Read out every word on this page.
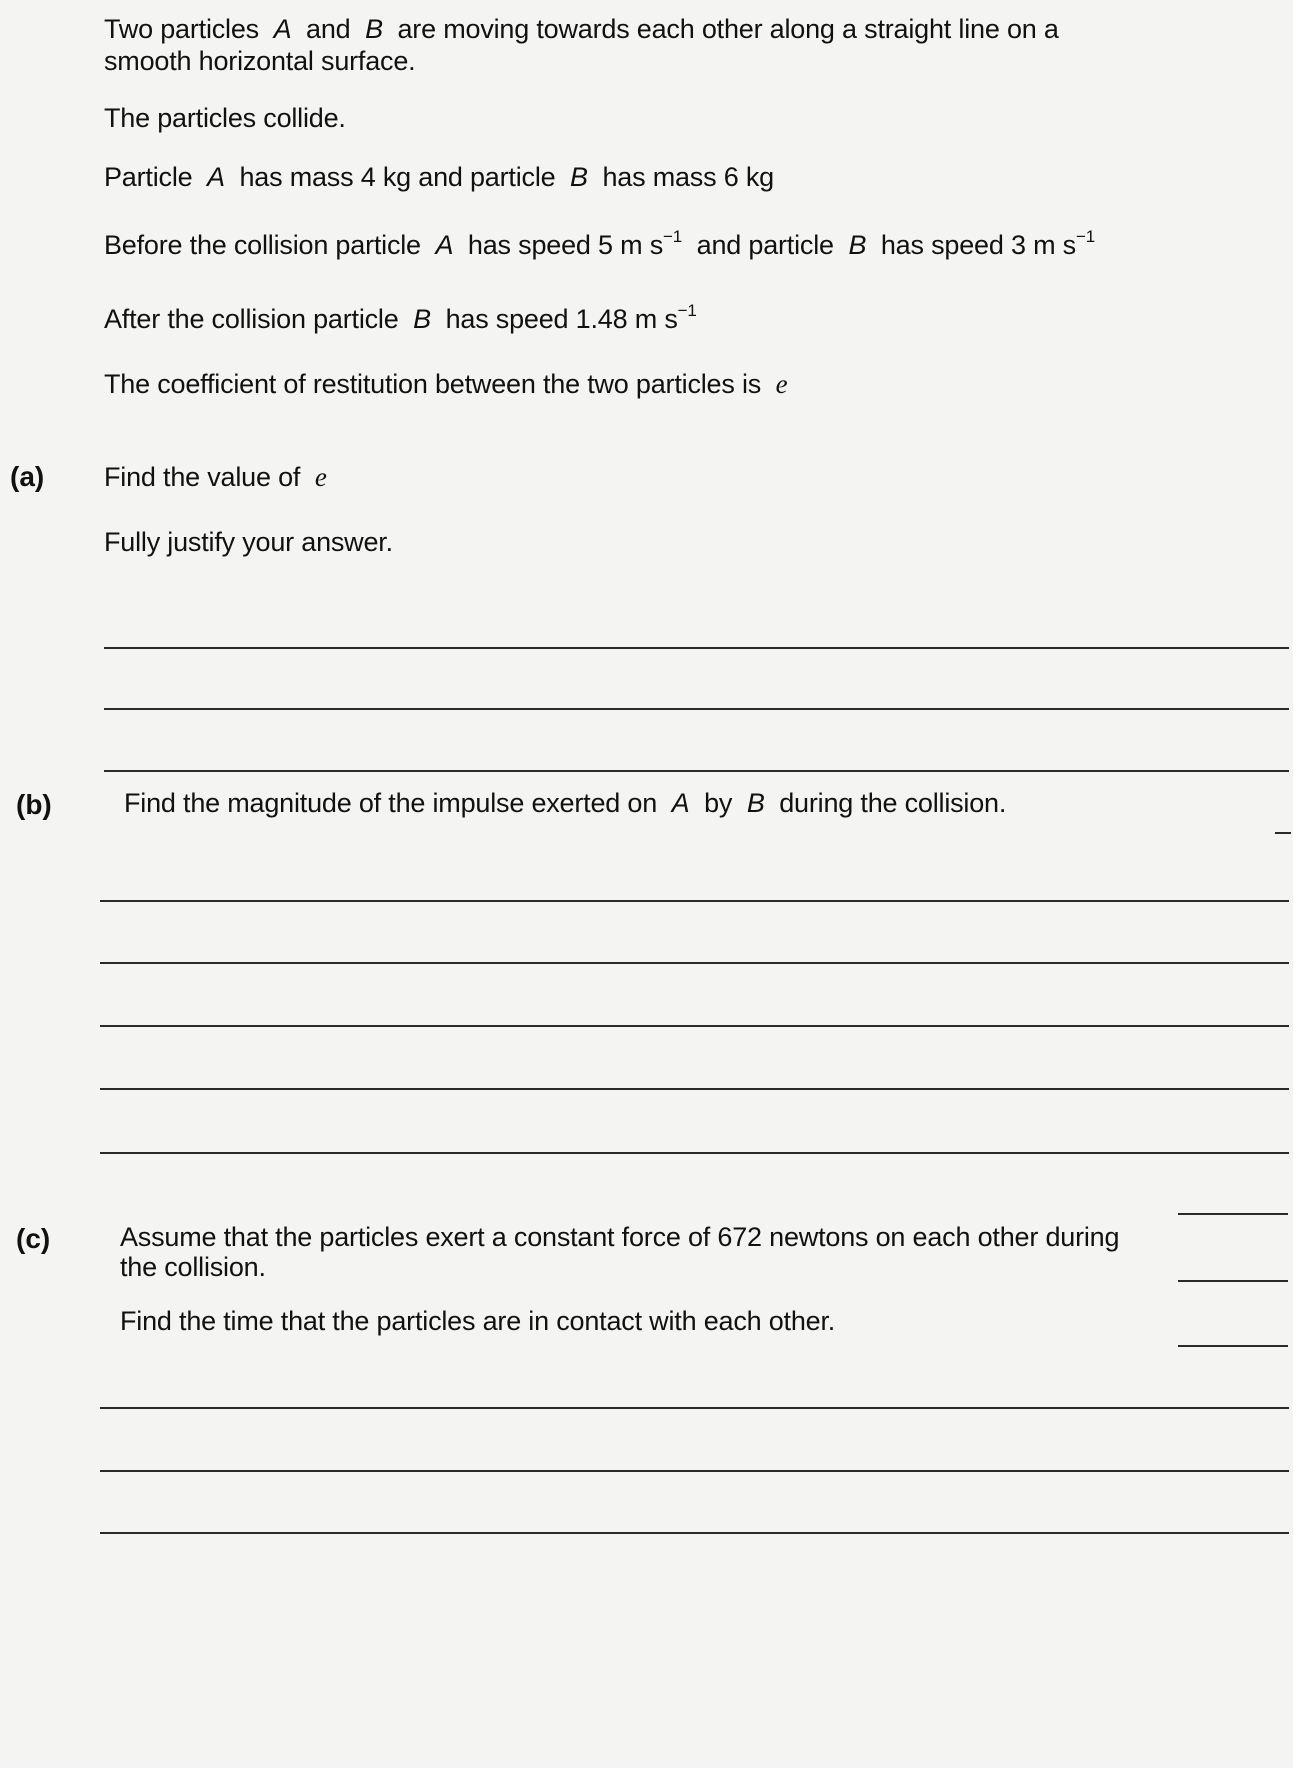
Two particles A and B are moving towards each other along a straight line on a
smooth horizontal surface.
The particles collide.
Particle A has mass 4 kg and particle B has mass 6 kg
Before the collision particle A has speed 5 m $s^{-1}$ and particle B has speed 3 m $s^{-1}$
After the collision particle B has speed 1.48 m $s^{-1}$
The coefficient of restitution between the two particles is e
(a) Find the value of e
Fully justify your answer.
(b)	Find the magnitude of the impulse exerted on A by B during the collision.
(c)	Assume that the particles exert a constant force of 672 newtons on each other during
the collision.
Find the time that the particles are in contact with each other.
